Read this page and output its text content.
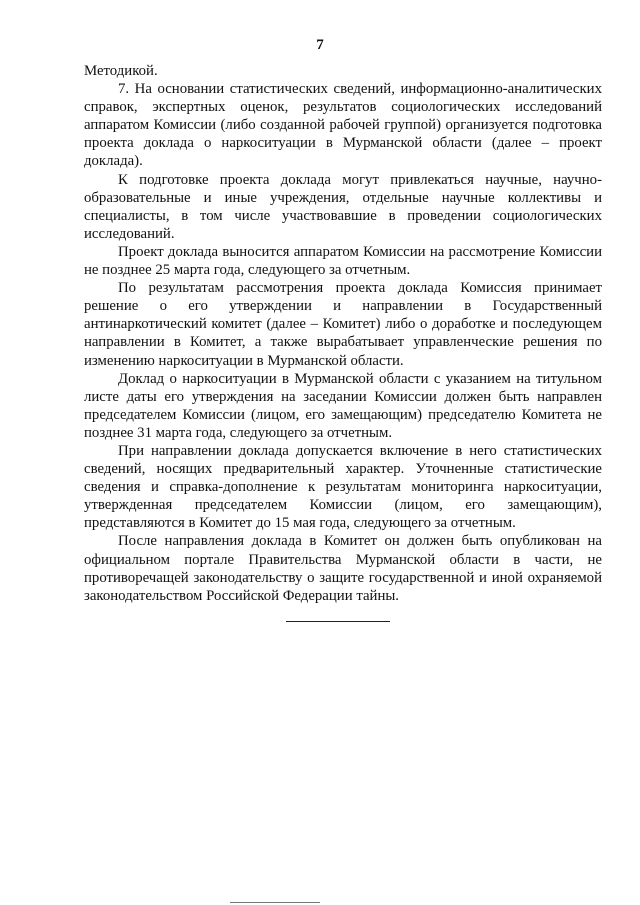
7

Методикой.

7. На основании статистических сведений, информационно-аналитических справок, экспертных оценок, результатов социологических исследований аппаратом Комиссии (либо созданной рабочей группой) организуется подготовка проекта доклада о наркоситуации в Мурманской области (далее – проект доклада).

К подготовке проекта доклада могут привлекаться научные, научно-образовательные и иные учреждения, отдельные научные коллективы и специалисты, в том числе участвовавшие в проведении социологических исследований.

Проект доклада выносится аппаратом Комиссии на рассмотрение Комиссии не позднее 25 марта года, следующего за отчетным.

По результатам рассмотрения проекта доклада Комиссия принимает решение о его утверждении и направлении в Государственный антинаркотический комитет (далее – Комитет) либо о доработке и последующем направлении в Комитет, а также вырабатывает управленческие решения по изменению наркоситуации в Мурманской области.

Доклад о наркоситуации в Мурманской области с указанием на титульном листе даты его утверждения на заседании Комиссии должен быть направлен председателем Комиссии (лицом, его замещающим) председателю Комитета не позднее 31 марта года, следующего за отчетным.

При направлении доклада допускается включение в него статистических сведений, носящих предварительный характер. Уточненные статистические сведения и справка-дополнение к результатам мониторинга наркоситуации, утвержденная председателем Комиссии (лицом, его замещающим), представляются в Комитет до 15 мая года, следующего за отчетным.

После направления доклада в Комитет он должен быть опубликован на официальном портале Правительства Мурманской области в части, не противоречащей законодательству о защите государственной и иной охраняемой законодательством Российской Федерации тайны.
